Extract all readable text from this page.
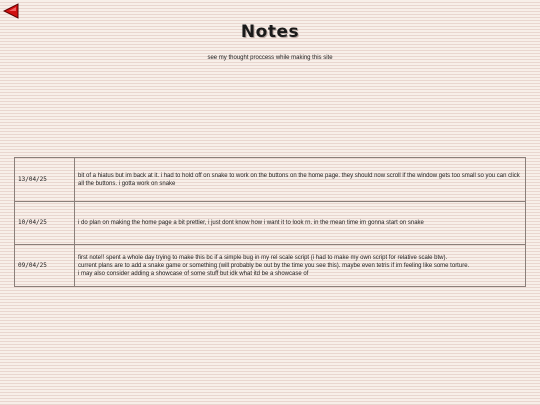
Notes
see my thought proccess while making this site
13/04/25	bit of a hiatus but im back at it. i had to hold off on snake to work on the buttons on the home page. they should now scroll if the window gets too small so you can click all the buttons. i gotta work on snake

10/04/25	i do plan on making the home page a bit prettier, i just dont know how i want it to look rn. in the mean time im gonna start on snake

09/04/25	first note!! spent a whole day trying to make this bc if a simple bug in my rel scale script (i had to make my own script for relative scale btw).
current plans are to add a snake game or something (will probably be out by the time you see this). maybe even tetris if im feeling like some torture.
i may also consider adding a showcase of some stuff but idk what itd be a showcase of
